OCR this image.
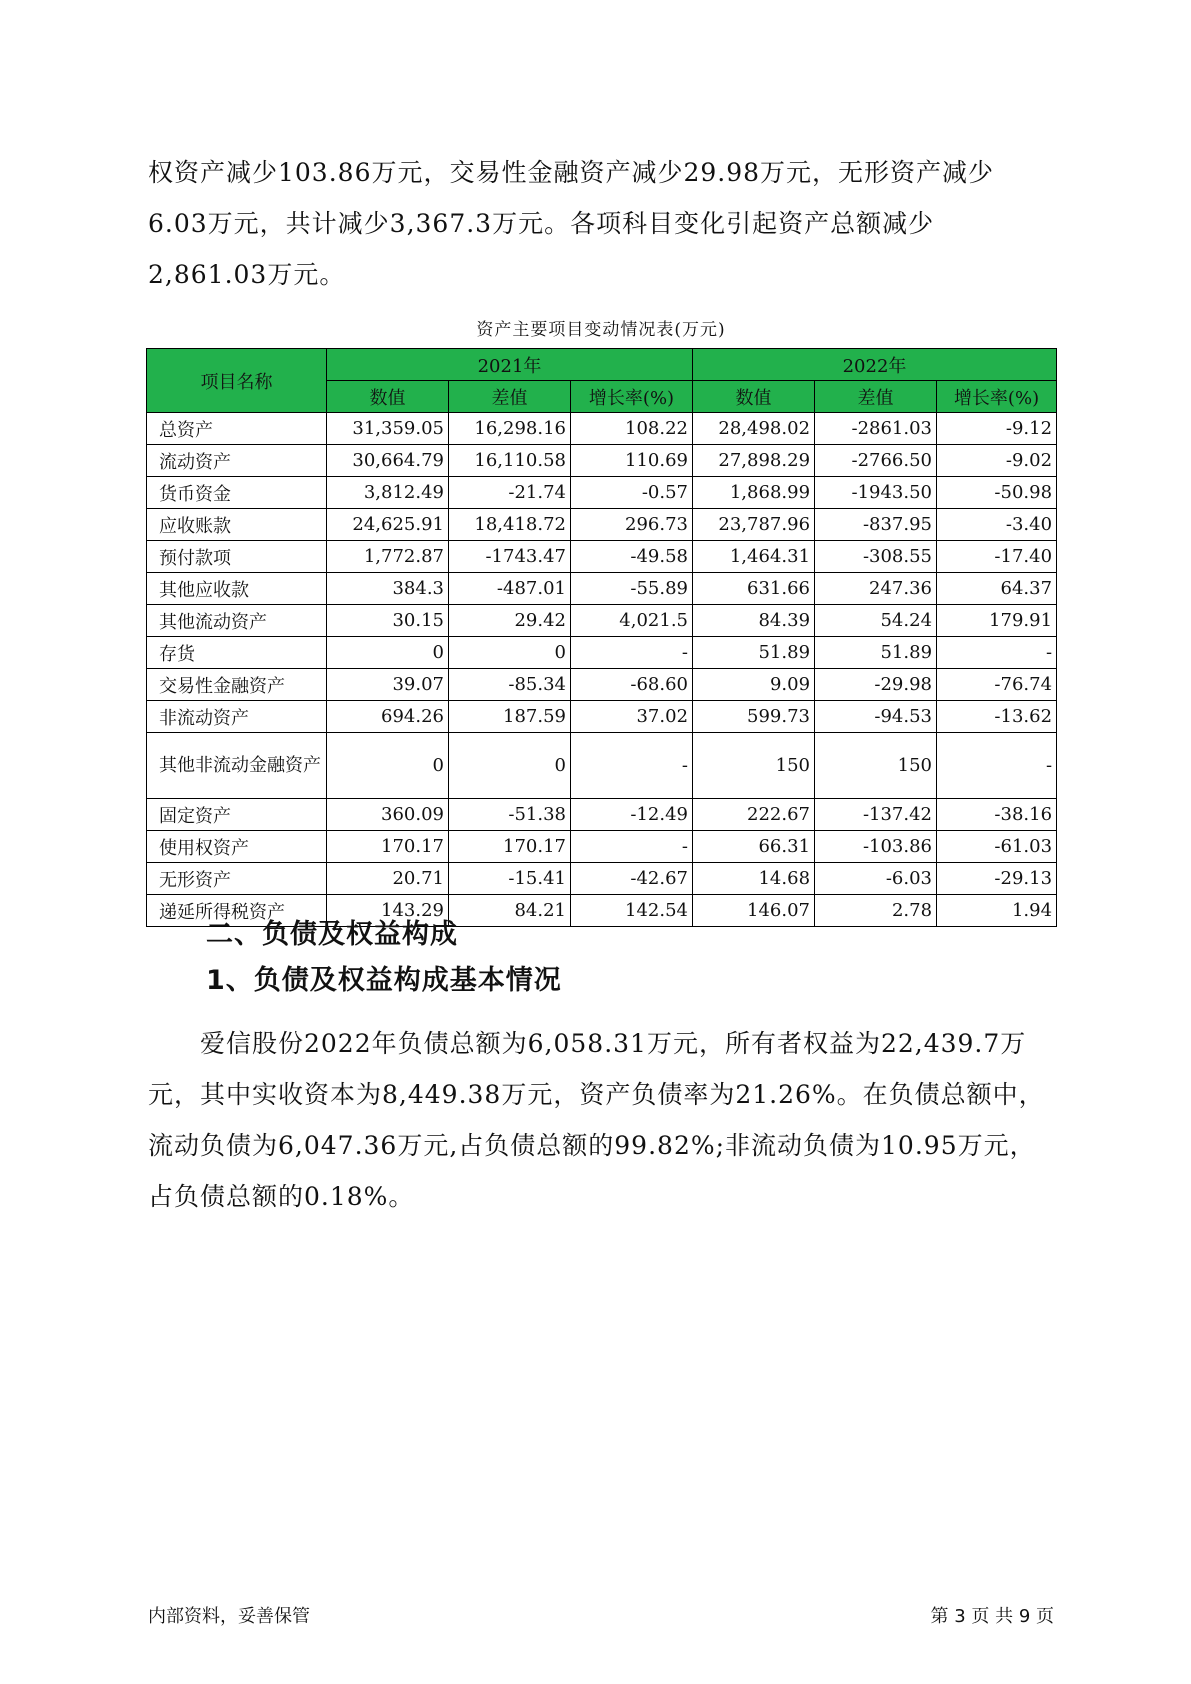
权资产减少103.86万元，交易性金融资产减少29.98万元，无形资产减少
6.03万元，共计减少3,367.3万元。各项科目变化引起资产总额减少
2,861.03万元。
资产主要项目变动情况表(万元)
项目名称	2021年			2022年		
	数值	差值	增长率(%)	数值	差值	增长率(%)
总资产	31,359.05	16,298.16	108.22	28,498.02	-2861.03	-9.12
流动资产	30,664.79	16,110.58	110.69	27,898.29	-2766.50	-9.02
货币资金	3,812.49	-21.74	-0.57	1,868.99	-1943.50	-50.98
应收账款	24,625.91	18,418.72	296.73	23,787.96	-837.95	-3.40
预付款项	1,772.87	-1743.47	-49.58	1,464.31	-308.55	-17.40
其他应收款	384.3	-487.01	-55.89	631.66	247.36	64.37
其他流动资产	30.15	29.42	4,021.5	84.39	54.24	179.91
存货	0	0	-	51.89	51.89	-
交易性金融资产	39.07	-85.34	-68.60	9.09	-29.98	-76.74
非流动资产	694.26	187.59	37.02	599.73	-94.53	-13.62
其他非流动金融资产	0	0	-	150	150	-
固定资产	360.09	-51.38	-12.49	222.67	-137.42	-38.16
使用权资产	170.17	170.17	-	66.31	-103.86	-61.03
无形资产	20.71	-15.41	-42.67	14.68	-6.03	-29.13
递延所得税资产	143.29	84.21	142.54	146.07	2.78	1.94
二、负债及权益构成
1、负债及权益构成基本情况
爱信股份2022年负债总额为6,058.31万元，所有者权益为22,439.7万
元，其中实收资本为8,449.38万元，资产负债率为21.26%。在负债总额中，
流动负债为6,047.36万元,占负债总额的99.82%;非流动负债为10.95万元，
占负债总额的0.18%。
内部资料，妥善保管	第 3 页 共 9 页
